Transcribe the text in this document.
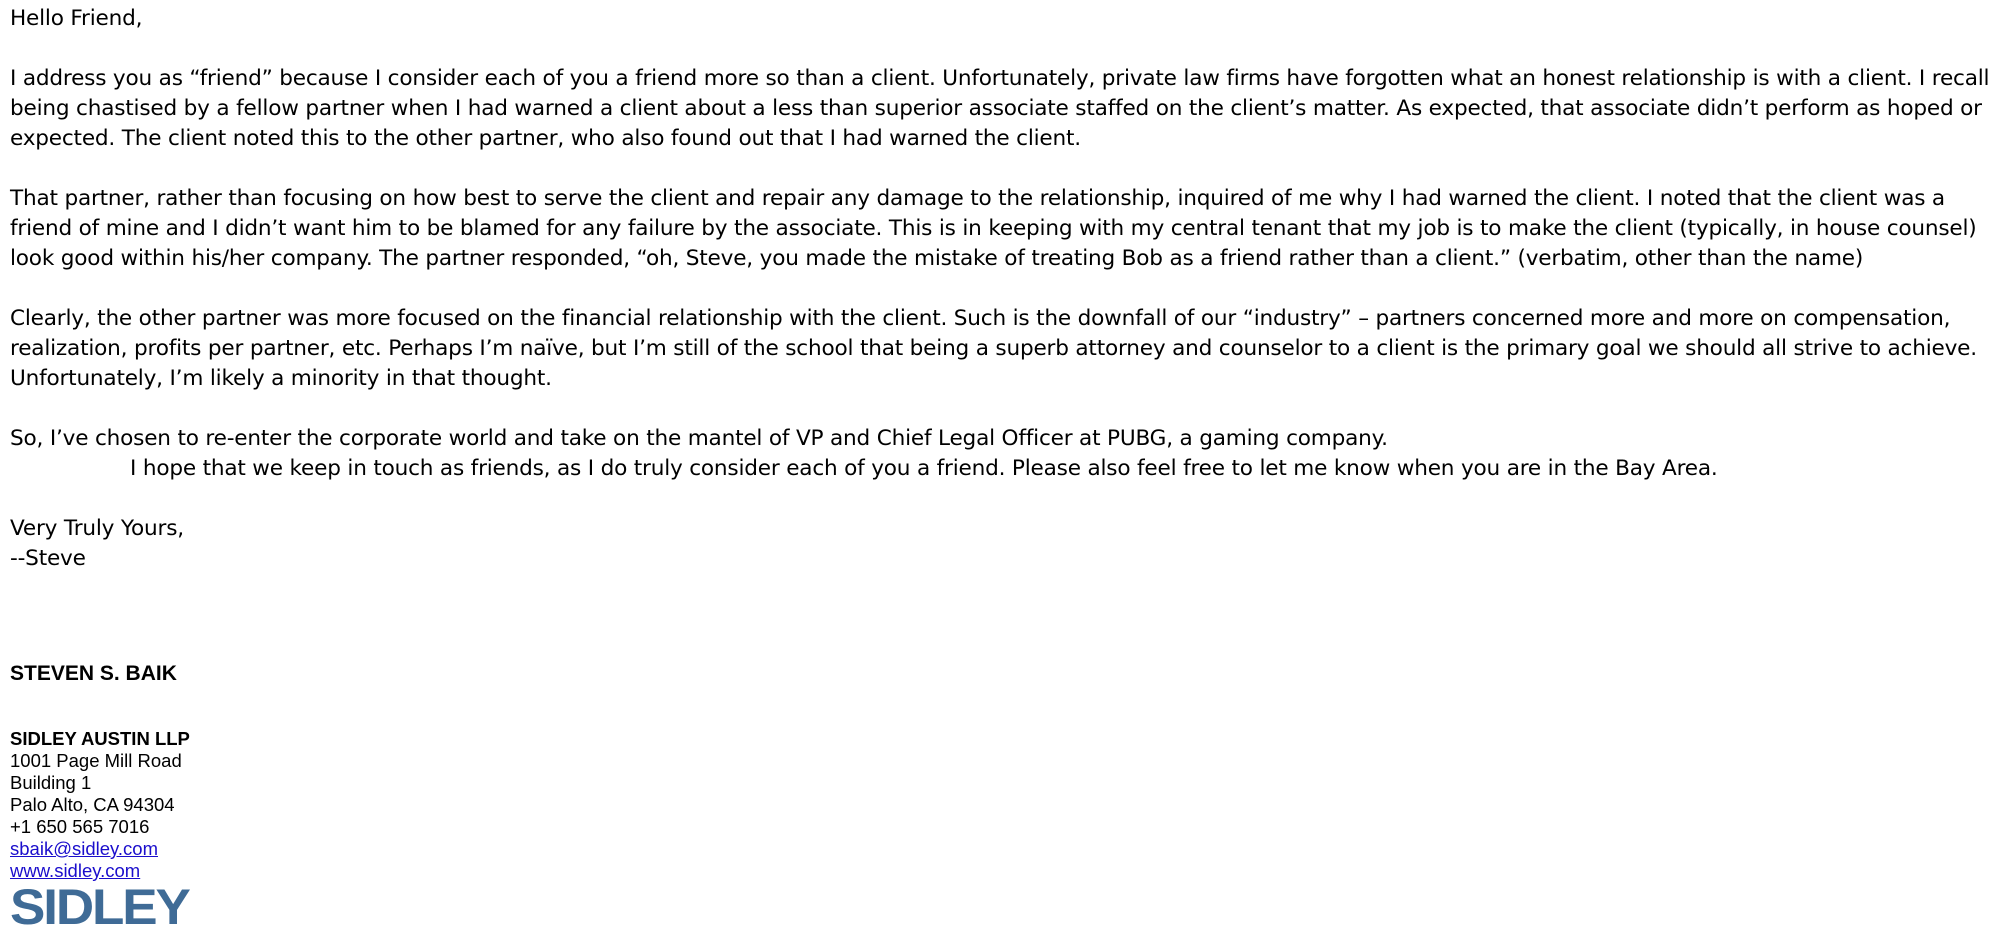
Hello Friend,

I address you as “friend” because I consider each of you a friend more so than a client. Unfortunately, private law firms have forgotten what an honest relationship is with a client. I recall being chastised by a fellow partner when I had warned a client about a less than superior associate staffed on the client’s matter. As expected, that associate didn’t perform as hoped or expected. The client noted this to the other partner, who also found out that I had warned the client.

That partner, rather than focusing on how best to serve the client and repair any damage to the relationship, inquired of me why I had warned the client. I noted that the client was a friend of mine and I didn’t want him to be blamed for any failure by the associate. This is in keeping with my central tenant that my job is to make the client (typically, in house counsel) look good within his/her company. The partner responded, “oh, Steve, you made the mistake of treating Bob as a friend rather than a client.” (verbatim, other than the name)

Clearly, the other partner was more focused on the financial relationship with the client. Such is the downfall of our “industry” – partners concerned more and more on compensation, realization, profits per partner, etc. Perhaps I’m naïve, but I’m still of the school that being a superb attorney and counselor to a client is the primary goal we should all strive to achieve. Unfortunately, I’m likely a minority in that thought.

So, I’ve chosen to re-enter the corporate world and take on the mantel of VP and Chief Legal Officer at PUBG, a gaming company.

I hope that we keep in touch as friends, as I do truly consider each of you a friend. Please also feel free to let me know when you are in the Bay Area.

Very Truly Yours,

--Steve

STEVEN S. BAIK
SIDLEY AUSTIN LLP
1001 Page Mill Road
Building 1
Palo Alto, CA 94304
+1 650 565 7016
sbaik@sidley.com
www.sidley.com
SIDLEY
